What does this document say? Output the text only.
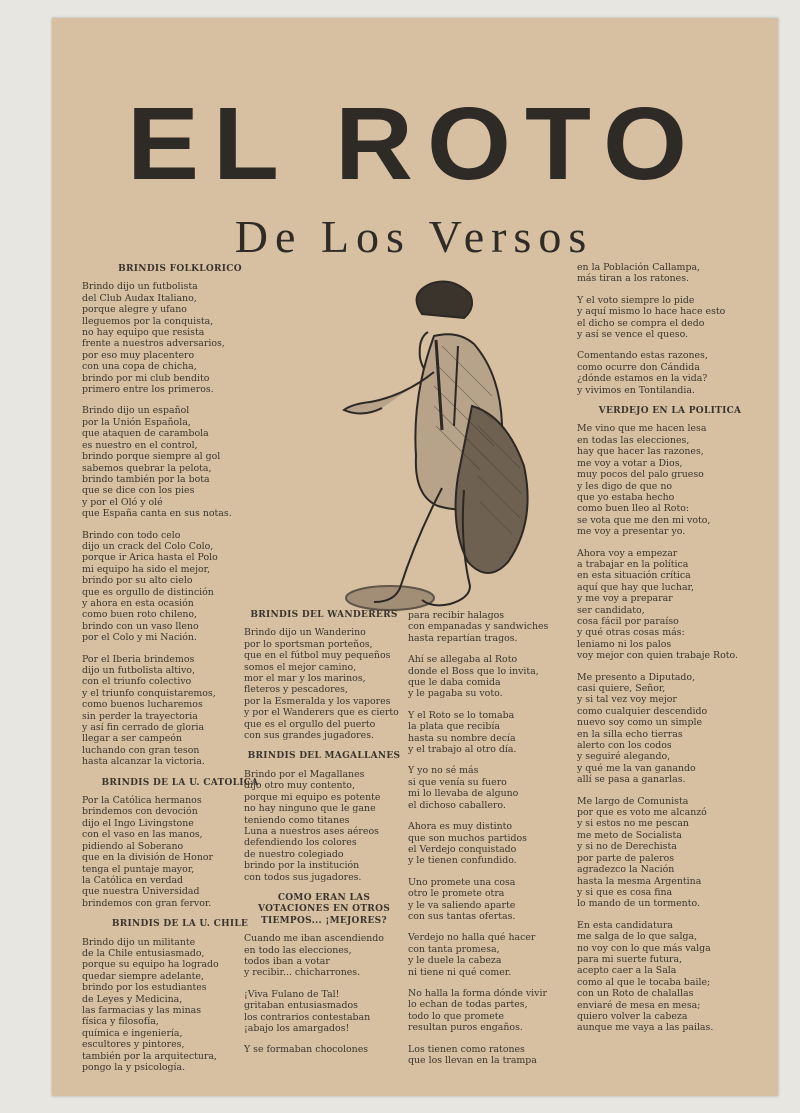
EL ROTO
De Los Versos
BRINDIS FOLKLORICO

Brindo dijo un futbolista
del Club Audax Italiano,
porque alegre y ufano
lleguemos por la conquista,
no hay equipo que resista
frente a nuestros adversarios,
por eso muy placentero
con una copa de chicha,
brindo por mi club bendito
primero entre los primeros.

Brindo dijo un español
por la Unión Española,
que ataquen de carambola
es nuestro en el control,
brindo porque siempre al gol
sabemos quebrar la pelota,
brindo también por la bota
que se dice con los pies
y por el Oló y olé
que España canta en sus notas.

Brindo con todo celo
dijo un crack del Colo Colo,
porque ir Arica hasta el Polo
mi equipo ha sido el mejor,
brindo por su alto cielo
que es orgullo de distinción
y ahora en esta ocasión
como buen roto chileno,
brindo con un vaso lleno
por el Colo y mi Nación.

Por el Iberia brindemos
dijo un futbolista altivo,
con el triunfo colectivo
y el triunfo conquistaremos,
como buenos lucharemos
sin perder la trayectoria
y así fin cerrado de gloria
llegar a ser campeón
luchando con gran teson
hasta alcanzar la victoria.

BRINDIS DE LA U. CATOLICA

Por la Católica hermanos
brindemos con devoción
dijo el Ingo Livingstone
con el vaso en las manos,
pidiendo al Soberano
que en la división de Honor
tenga el puntaje mayor,
la Católica en verdad
que nuestra Universidad
brindemos con gran fervor.

BRINDIS DE LA U. CHILE

Brindo dijo un militante
de la Chile entusiasmado,
porque su equipo ha logrado
quedar siempre adelante,
brindo por los estudiantes
de Leyes y Medicina,
las farmacias y las minas
física y filosofía,
química e ingeniería,
escultores y pintores,
también por la arquitectura,
pongo la y psicología.

BRINDIS DEL WANDERERS

Brindo dijo un Wanderino
por lo sportsman porteños,
que en el fútbol muy pequeños
somos el mejor camino,
mor el mar y los marinos,
fleteros y pescadores,
por la Esmeralda y los vapores
y por el Wanderers que es cierto
que es el orgullo del puerto
con sus grandes jugadores.

BRINDIS DEL MAGALLANES

Brindo por el Magallanes
dijo otro muy contento,
porque mi equipo es potente
no hay ninguno que le gane
teniendo como titanes
Luna a nuestros ases aéreos
defendiendo los colores
de nuestro colegiado
brindo por la institución
con todos sus jugadores.

COMO ERAN LAS VOTACIONES EN OTROS TIEMPOS... ¡MEJORES?

Cuando me iban ascendiendo
en todo las elecciones,
todos iban a votar
y recibir... chicharrones.

¡Viva Fulano de Tal!
gritaban entusiasmados
los contrarios contestaban
¡abajo los amargados!

Y se formaban chocolones

para recibir halagos
con empanadas y sandwiches
hasta repartían tragos.

Ahí se allegaba al Roto
donde el Boss que lo invita,
que le daba comida
y le pagaba su voto.

Y el Roto se lo tomaba
la plata que recibía
hasta su nombre decía
y el trabajo al otro día.

Y yo no sé más
si que venía su fuero
mi lo llevaba de alguno
el dichoso caballero.

Ahora es muy distinto
que son muchos partidos
el Verdejo conquistado
y le tienen confundido.

Uno promete una cosa
otro le promete otra
y le va saliendo aparte
con sus tantas ofertas.

Verdejo no halla qué hacer
con tanta promesa,
y le duele la cabeza
ni tiene ni qué comer.

No halla la forma dónde vivir
lo echan de todas partes,
todo lo que promete
resultan puros engaños.

Los tienen como ratones
que los llevan en la trampa

en la Población Callampa,
más tiran a los ratones.

Y el voto siempre lo pide
y aquí mismo lo hace hace esto
el dicho se compra el dedo
y así se vence el queso.

Comentando estas razones,
como ocurre don Cándida
¿dónde estamos en la vida?
y vivimos en Tontilandia.

VERDEJO EN LA POLITICA

Me vino que me hacen lesa
en todas las elecciones,
hay que hacer las razones,
me voy a votar a Dios,
muy pocos del palo grueso
y les digo de que no
que yo estaba hecho
como buen lleo al Roto:
se vota que me den mi voto,
me voy a presentar yo.

Ahora voy a empezar
a trabajar en la política
en esta situación crítica
aquí que hay que luchar,
y me voy a preparar
ser candidato,
cosa fácil por paraíso
y qué otras cosas más:
leniamo ni los palos
voy mejor con quien trabaje Roto.

Me presento a Diputado,
casi quiere, Señor,
y si tal vez voy mejor
como cualquier descendido
nuevo soy como un simple
en la silla echo tierras
alerto con los codos
y seguiré alegando,
y qué me la van ganando
allí se pasa a ganarlas.

Me largo de Comunista
por que es voto me alcanzó
y si estos no me pescan
me meto de Socialista
y si no de Derechista
por parte de paleros
agradezco la Nación
hasta la mesma Argentina
y si que es cosa fina
lo mando de un tormento.

En esta candidatura
me salga de lo que salga,
no voy con lo que más valga
para mi suerte futura,
acepto caer a la Sala
como al que le tocaba baile;
con un Roto de chalallas
enviaré de mesa en mesa;
quiero volver la cabeza
aunque me vaya a las pailas.
